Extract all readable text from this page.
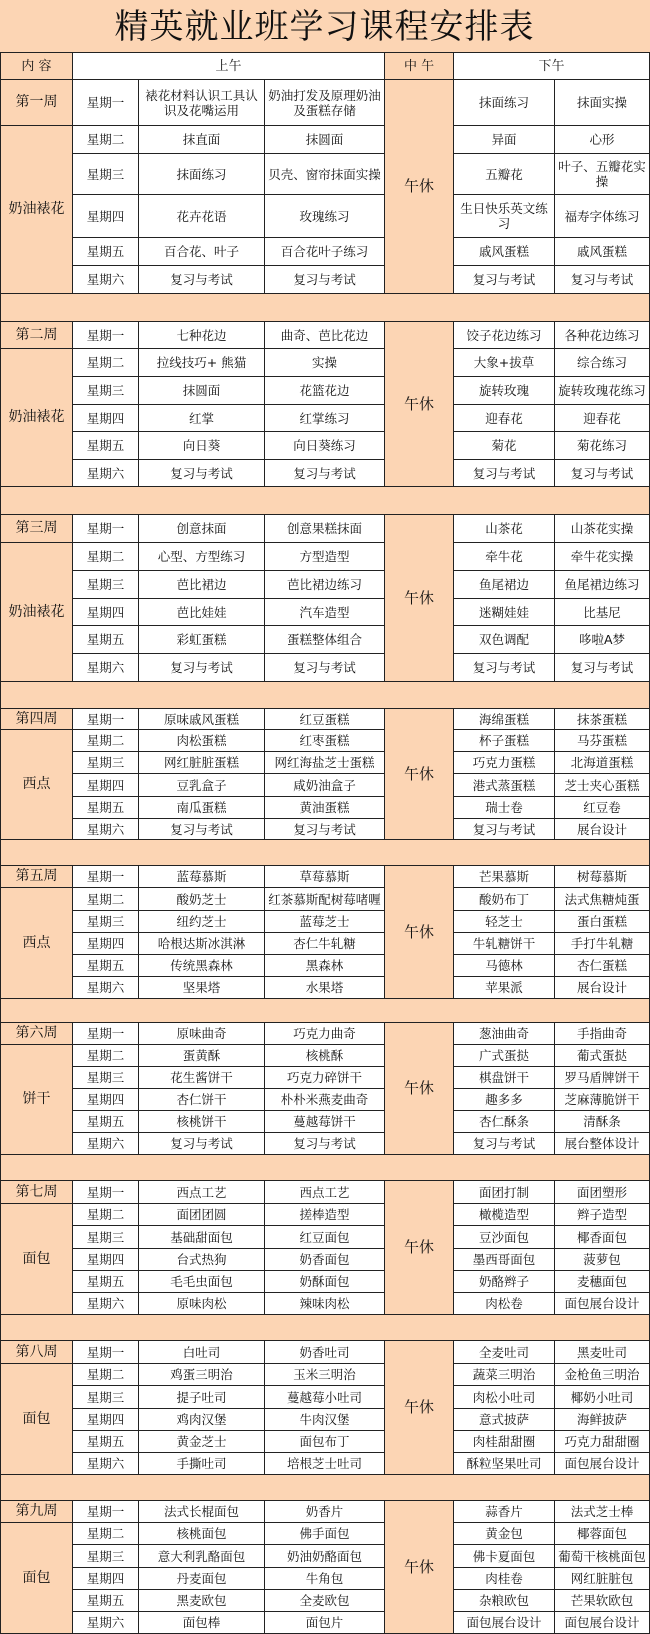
精英就业班学习课程安排表
内 容	上午			中 午	下午	
第一周	星期一	裱花材料认识工具认识及花嘴运用	奶油打发及原理奶油及蛋糕存储	午休	抹面练习	抹面实操
奶油裱花	星期二	抹直面	抹圆面		异面	心形
	星期三	抹面练习	贝壳、窗帘抹面实操		五瓣花	叶子、五瓣花实操
	星期四	花卉花语	玫瑰练习		生日快乐英文练习	福寿字体练习
	星期五	百合花、叶子	百合花叶子练习		戚风蛋糕	戚风蛋糕
	星期六	复习与考试	复习与考试		复习与考试	复习与考试

第二周	星期一	七种花边	曲奇、芭比花边	午休	饺子花边练习	各种花边练习
奶油裱花	星期二	拉线技巧+ 熊猫	实操		大象+拔草	综合练习
	星期三	抹圆面	花篮花边		旋转玫瑰	旋转玫瑰花练习
	星期四	红掌	红掌练习		迎春花	迎春花
	星期五	向日葵	向日葵练习		菊花	菊花练习
	星期六	复习与考试	复习与考试		复习与考试	复习与考试

第三周	星期一	创意抹面	创意果糕抹面	午休	山茶花	山茶花实操
奶油裱花	星期二	心型、方型练习	方型造型		牵牛花	牵牛花实操
	星期三	芭比裙边	芭比裙边练习		鱼尾裙边	鱼尾裙边练习
	星期四	芭比娃娃	汽车造型		迷糊娃娃	比基尼
	星期五	彩虹蛋糕	蛋糕整体组合		双色调配	哆啦A梦
	星期六	复习与考试	复习与考试		复习与考试	复习与考试

第四周	星期一	原味戚风蛋糕	红豆蛋糕	午休	海绵蛋糕	抹茶蛋糕
西点	星期二	肉松蛋糕	红枣蛋糕		杯子蛋糕	马芬蛋糕
	星期三	网红脏脏蛋糕	网红海盐芝士蛋糕		巧克力蛋糕	北海道蛋糕
	星期四	豆乳盒子	咸奶油盒子		港式蒸蛋糕	芝士夹心蛋糕
	星期五	南瓜蛋糕	黄油蛋糕		瑞士卷	红豆卷
	星期六	复习与考试	复习与考试		复习与考试	展台设计

第五周	星期一	蓝莓慕斯	草莓慕斯	午休	芒果慕斯	树莓慕斯
西点	星期二	酸奶芝士	红茶慕斯配树莓啫喱		酸奶布丁	法式焦糖炖蛋
	星期三	纽约芝士	蓝莓芝士		轻芝士	蛋白蛋糕
	星期四	哈根达斯冰淇淋	杏仁牛轧糖		牛轧糖饼干	手打牛轧糖
	星期五	传统黑森林	黑森林		马德林	杏仁蛋糕
	星期六	坚果塔	水果塔		苹果派	展台设计

第六周	星期一	原味曲奇	巧克力曲奇	午休	葱油曲奇	手指曲奇
饼干	星期二	蛋黄酥	核桃酥		广式蛋挞	葡式蛋挞
	星期三	花生酱饼干	巧克力碎饼干		棋盘饼干	罗马盾牌饼干
	星期四	杏仁饼干	朴朴米燕麦曲奇		趣多多	芝麻薄脆饼干
	星期五	核桃饼干	蔓越莓饼干		杏仁酥条	清酥条
	星期六	复习与考试	复习与考试		复习与考试	展台整体设计

第七周	星期一	西点工艺	西点工艺	午休	面团打制	面团塑形
面包	星期二	面团团圆	搓棒造型		橄榄造型	辫子造型
	星期三	基础甜面包	红豆面包		豆沙面包	椰香面包
	星期四	台式热狗	奶香面包		墨西哥面包	菠萝包
	星期五	毛毛虫面包	奶酥面包		奶酪辫子	麦穗面包
	星期六	原味肉松	辣味肉松		肉松卷	面包展台设计

第八周	星期一	白吐司	奶香吐司	午休	全麦吐司	黑麦吐司
面包	星期二	鸡蛋三明治	玉米三明治		蔬菜三明治	金枪鱼三明治
	星期三	提子吐司	蔓越莓小吐司		肉松小吐司	椰奶小吐司
	星期四	鸡肉汉堡	牛肉汉堡		意式披萨	海鲜披萨
	星期五	黄金芝士	面包布丁		肉桂甜甜圈	巧克力甜甜圈
	星期六	手撕吐司	培根芝士吐司		酥粒坚果吐司	面包展台设计

第九周	星期一	法式长棍面包	奶香片	午休	蒜香片	法式芝士棒
面包	星期二	核桃面包	佛手面包		黄金包	椰蓉面包
	星期三	意大利乳酪面包	奶油奶酪面包		佛卡夏面包	葡萄干核桃面包
	星期四	丹麦面包	牛角包		肉桂卷	网红脏脏包
	星期五	黑麦欧包	全麦欧包		杂粮欧包	芒果软欧包
	星期六	面包棒	面包片		面包展台设计	面包展台设计
